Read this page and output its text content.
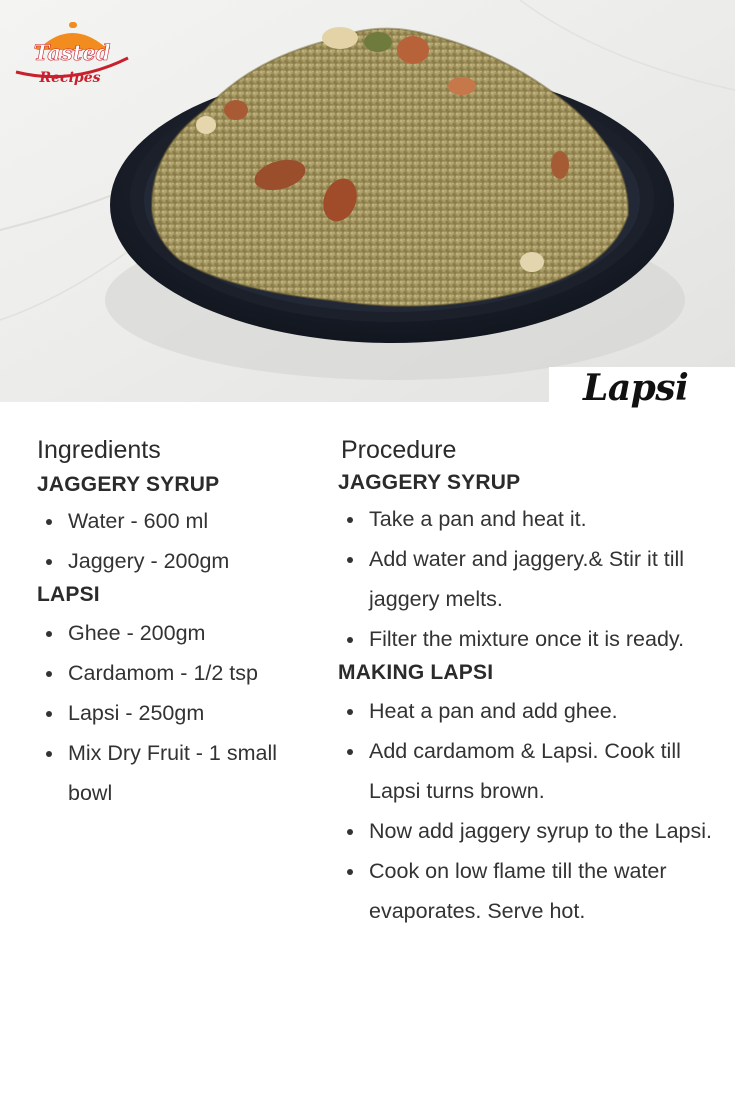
Tasted
Recipes
Lapsi
Ingredients
JAGGERY SYRUP
Water - 600 ml
Jaggery - 200gm
LAPSI
Ghee - 200gm
Cardamom - 1/2 tsp
Lapsi - 250gm
Mix Dry Fruit - 1 small bowl
Procedure
JAGGERY SYRUP
Take a pan and heat it.
Add water and jaggery.& Stir it till jaggery melts.
Filter the mixture once it is ready.
MAKING LAPSI
Heat a pan and add ghee.
Add cardamom & Lapsi. Cook till Lapsi turns brown.
Now add jaggery syrup to the Lapsi.
Cook on low flame till the water evaporates. Serve hot.
